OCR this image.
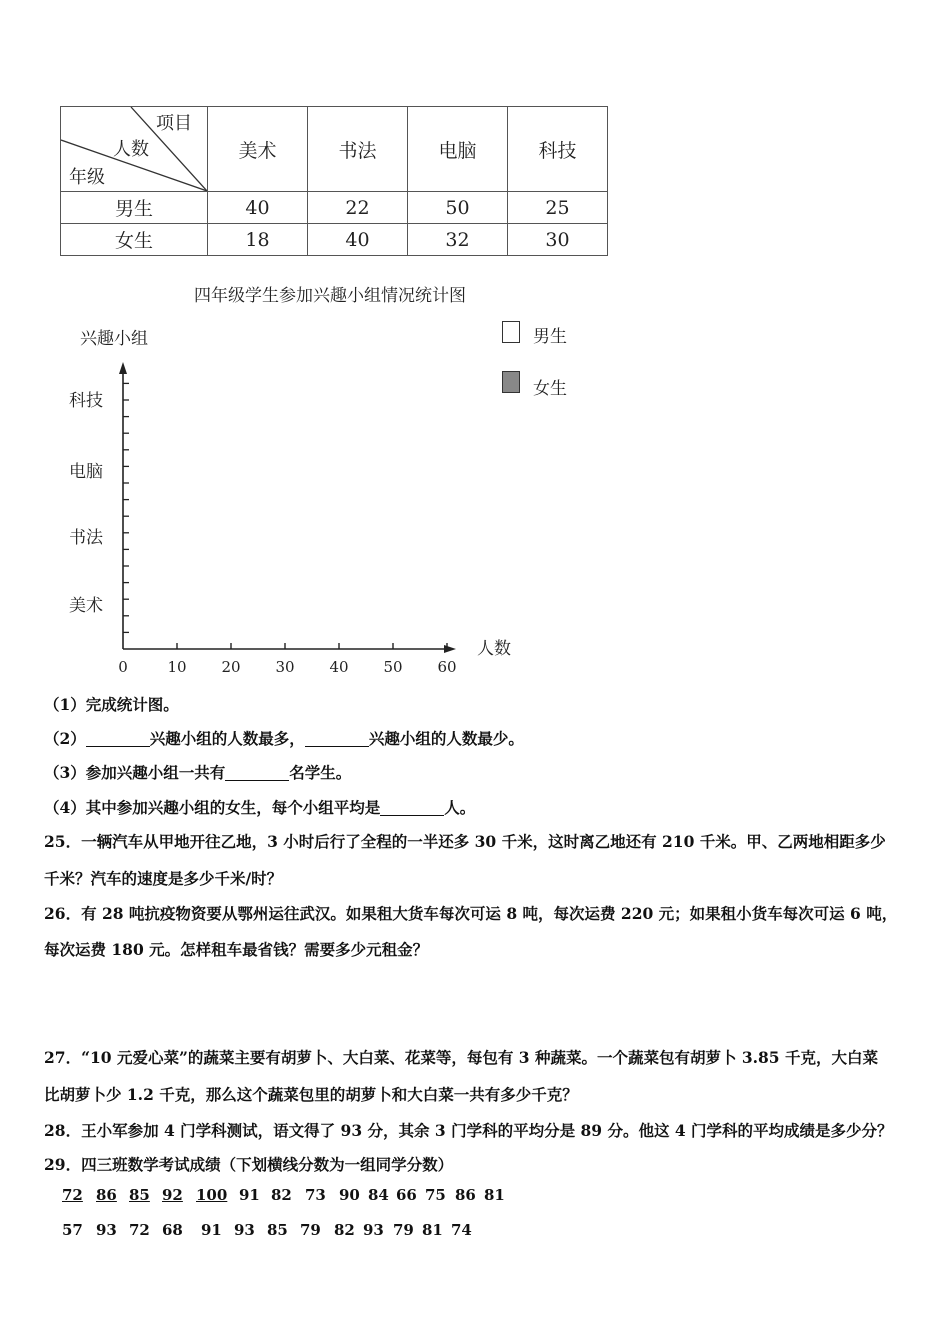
项目
人数
年级	美术	书法	电脑	科技
男生	40	22	50	25
女生	18	40	32	30
四年级学生参加兴趣小组情况统计图
兴趣小组
人数
美术
书法
电脑
科技
0	10 20 30 40 50 60
男生
女生
（1）完成统计图。
（2）	兴趣小组的人数最多，	兴趣小组的人数最少。
（3）参加兴趣小组一共有	名学生。
（4）其中参加兴趣小组的女生，每个小组平均是	人。
25．一辆汽车从甲地开往乙地，3 小时后行了全程的一半还多 30 千米，这时离乙地还有 210 千米。甲、乙两地相距多少
千米？汽车的速度是多少千米/时？
26．有 28 吨抗疫物资要从鄂州运往武汉。如果租大货车每次可运 8 吨，每次运费 220 元；如果租小货车每次可运 6 吨，
每次运费 180 元。怎样租车最省钱？需要多少元租金？
27．“10 元爱心菜”的蔬菜主要有胡萝卜、大白菜、花菜等，每包有 3 种蔬菜。一个蔬菜包有胡萝卜 3.85 千克，大白菜
比胡萝卜少 1.2 千克，那么这个蔬菜包里的胡萝卜和大白菜一共有多少千克？
28．王小军参加 4 门学科测试，语文得了 93 分，其余 3 门学科的平均分是 89 分。他这 4 门学科的平均成绩是多少分？
29．四三班数学考试成绩（下划横线分数为一组同学分数）
72 86 85 92 100 91 82 73 90 84 66 75 86 81
57 93 72 68 91 93 85 79 82 93 79 81 74
